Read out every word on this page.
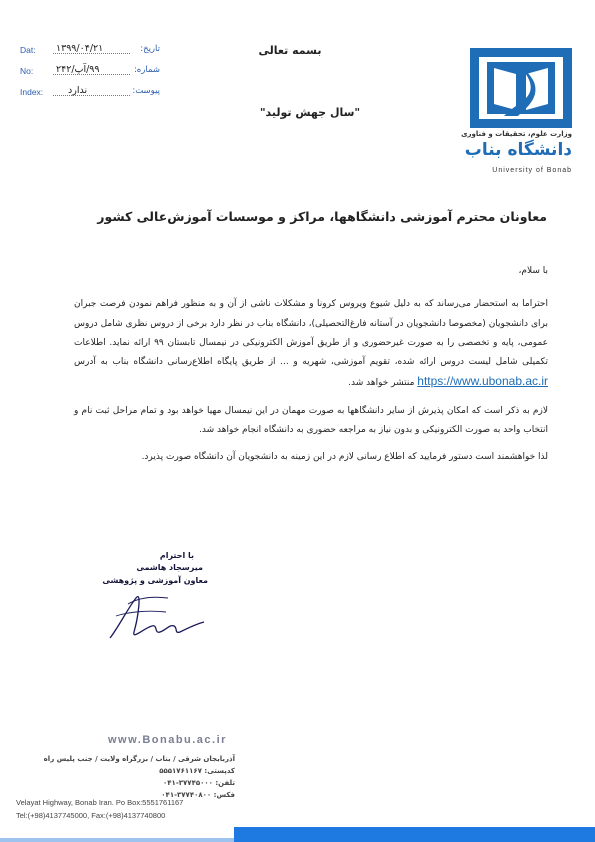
Dat: ۱۳۹۹/۰۴/۲۱	تاریخ:
No: ۹۹/آپ/۲۴۲	شماره:
Index:	ندارد	پیوست:
بسمه تعالی
"سال جهش تولید"
وزارت علوم، تحقیقات و فناوری
دانشگاه بناب
University of Bonab
معاونان محترم آموزشی دانشگاهها، مراکز و موسسات آموزش‌عالی کشور

با سلام،

احتراما به استحضار می‌رساند که به دلیل شیوع ویروس کرونا و مشکلات ناشی از آن و به منظور فراهم نمودن فرصت جبران برای دانشجویان (مخصوصا دانشجویان در آستانه فارغ‌التحصیلی)، دانشگاه بناب در نظر دارد برخی از دروس نظری شامل دروس عمومی، پایه و تخصصی را به صورت غیرحضوری و از طریق آموزش الکترونیکی در نیمسال تابستان ۹۹ ارائه نماید. اطلاعات تکمیلی شامل لیست دروس ارائه شده، تقویم آموزشی، شهریه و ... از طریق پایگاه اطلاع‌رسانی دانشگاه بناب به آدرس https://www.ubonab.ac.ir منتشر خواهد شد.

لازم به ذکر است که امکان پذیرش از سایر دانشگاهها به صورت مهمان در این نیمسال مهیا خواهد بود و تمام مراحل ثبت نام و انتخاب واحد به صورت الکترونیکی و بدون نیاز به مراجعه حضوری به دانشگاه انجام خواهد شد.

لذا خواهشمند است دستور فرمایید که اطلاع رسانی لازم در این زمینه به دانشجویان آن دانشگاه صورت پذیرد.

با احترام
میرسجاد هاشمی
معاون آموزشی و پژوهشی
www.Bonabu.ac.ir
آذربایجان شرقی / بناب / بزرگراه ولایت / جنب پلیس راه
کدپستی: ۵۵۵۱۷۶۱۱۶۷
تلفن: ۳۷۷۴۵۰۰۰-۰۴۱
فکس: ۳۷۷۴۰۸۰۰-۰۴۱
Velayat Highway, Bonab Iran. Po Box:5551761167
Tel:(+98)4137745000, Fax:(+98)4137740800
